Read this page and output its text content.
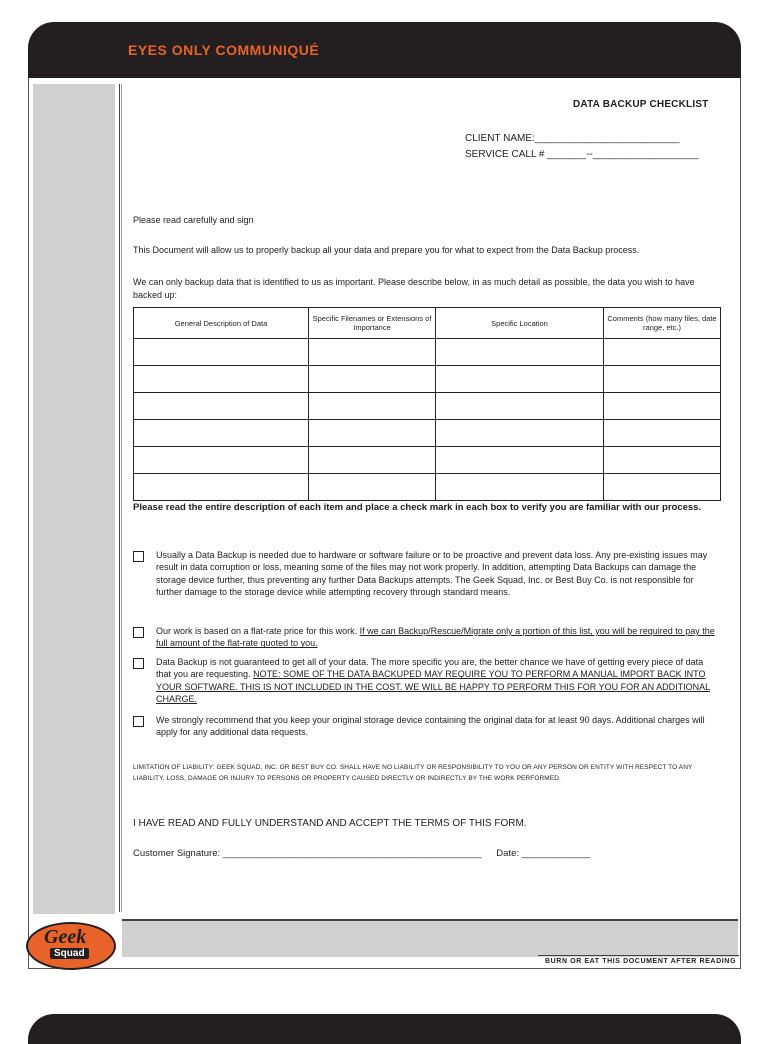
EYES ONLY COMMUNIQUÉ
DATA BACKUP CHECKLIST
CLIENT NAME:__________________________
SERVICE CALL # _______--___________________
Please read carefully and sign
This Document will allow us to properly backup all your data and prepare you for what to expect from the Data Backup process.
We can only backup data that is identified to us as important. Please describe below, in as much detail as possible, the data you wish to have backed up:
General Description of Data	Specific Filenames or Extensions of Importance	Specific Location	Comments (how many files, date range, etc.)

Please read the entire description of each item and place a check mark in each box to verify you are familiar with our process.
Usually a Data Backup is needed due to hardware or software failure or to be proactive and prevent data loss. Any pre-existing issues may result in data corruption or loss, meaning some of the files may not work properly. In addition, attempting Data Backups can damage the storage device further, thus preventing any further Data Backups attempts. The Geek Squad, Inc. or Best Buy Co. is not responsible for further damage to the storage device while attempting recovery through standard means.
Our work is based on a flat-rate price for this work. If we can Backup/Rescue/Migrate only a portion of this list, you will be required to pay the full amount of the flat-rate quoted to you.
Data Backup is not guaranteed to get all of your data. The more specific you are, the better chance we have of getting every piece of data that you are requesting. NOTE: SOME OF THE DATA BACKUPED MAY REQUIRE YOU TO PERFORM A MANUAL IMPORT BACK INTO YOUR SOFTWARE. THIS IS NOT INCLUDED IN THE COST. WE WILL BE HAPPY TO PERFORM THIS FOR YOU FOR AN ADDITIONAL CHARGE.
We strongly recommend that you keep your original storage device containing the original data for at least 90 days. Additional charges will apply for any additional data requests.
LIMITATION OF LIABILITY: GEEK SQUAD, INC. OR BEST BUY CO. SHALL HAVE NO LIABILITY OR RESPONSIBILITY TO YOU OR ANY PERSON OR ENTITY WITH RESPECT TO ANY LIABILITY, LOSS, DAMAGE OR INJURY TO PERSONS OR PROPERTY CAUSED DIRECTLY OR INDIRECTLY BY THE WORK PERFORMED.
I HAVE READ AND FULLY UNDERSTAND AND ACCEPT THE TERMS OF THIS FORM.
Customer Signature: _________________________________________________ Date: _____________
BURN OR EAT THIS DOCUMENT AFTER READING
Geek
Squad
